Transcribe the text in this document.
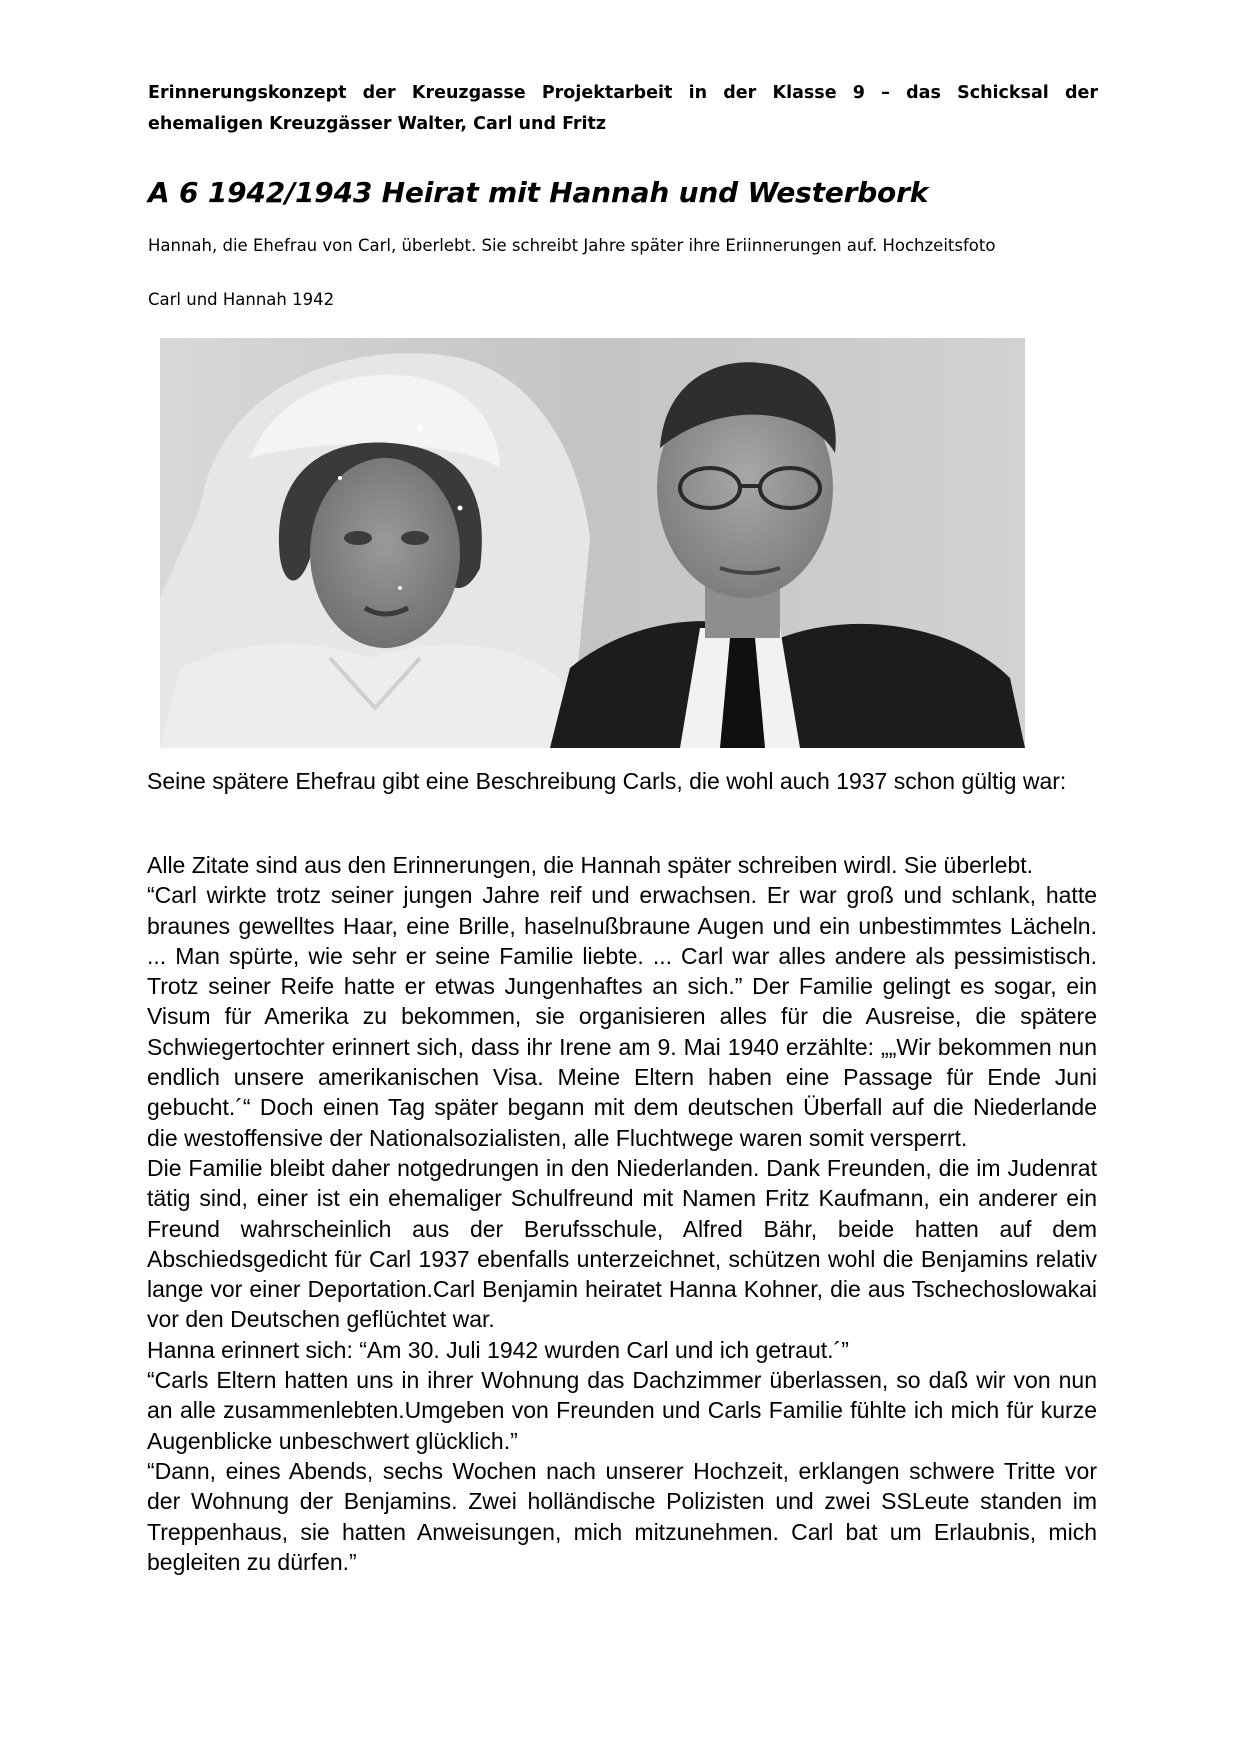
Erinnerungskonzept der Kreuzgasse Projektarbeit in der Klasse 9 – das Schicksal der ehemaligen Kreuzgässer Walter, Carl und Fritz
A 6 1942/1943 Heirat mit Hannah und Westerbork
Hannah, die Ehefrau von Carl, überlebt. Sie schreibt Jahre später ihre Eriinnerungen auf. Hochzeitsfoto
Carl und Hannah 1942
Seine spätere Ehefrau gibt eine Beschreibung Carls, die wohl auch 1937 schon gültig war:

Alle Zitate sind aus den Erinnerungen, die Hannah später schreiben wirdl. Sie überlebt.

“Carl wirkte trotz seiner jungen Jahre reif und erwachsen. Er war groß und schlank, hatte braunes gewelltes Haar, eine Brille, haselnußbraune Augen und ein unbestimmtes Lächeln. ... Man spürte, wie sehr er seine Familie liebte. ... Carl war alles andere als pessimistisch. Trotz seiner Reife hatte er etwas Jungenhaftes an sich.” Der Familie gelingt es sogar, ein Visum für Amerika zu bekommen, sie organisieren alles für die Ausreise, die spätere Schwiegertochter erinnert sich, dass ihr Irene am 9. Mai 1940 erzählte: „„Wir bekommen nun endlich unsere amerikanischen Visa. Meine Eltern haben eine Passage für Ende Juni gebucht.´“ Doch einen Tag später begann mit dem deutschen Überfall auf die Niederlande die westoffensive der Nationalsozialisten, alle Fluchtwege waren somit versperrt.

Die Familie bleibt daher notgedrungen in den Niederlanden. Dank Freunden, die im Judenrat tätig sind, einer ist ein ehemaliger Schulfreund mit Namen Fritz Kaufmann, ein anderer ein Freund wahrscheinlich aus der Berufsschule, Alfred Bähr, beide hatten auf dem Abschiedsgedicht für Carl 1937 ebenfalls unterzeichnet, schützen wohl die Benjamins relativ lange vor einer Deportation.Carl Benjamin heiratet Hanna Kohner, die aus Tschechoslowakai vor den Deutschen geflüchtet war.

Hanna erinnert sich: “Am 30. Juli 1942 wurden Carl und ich getraut.´”

“Carls Eltern hatten uns in ihrer Wohnung das Dachzimmer überlassen, so daß wir von nun an alle zusammenlebten.Umgeben von Freunden und Carls Familie fühlte ich mich für kurze Augenblicke unbeschwert glücklich.”

“Dann, eines Abends, sechs Wochen nach unserer Hochzeit, erklangen schwere Tritte vor der Wohnung der Benjamins. Zwei holländische Polizisten und zwei SSLeute standen im Treppenhaus, sie hatten Anweisungen, mich mitzunehmen. Carl bat um Erlaubnis, mich begleiten zu dürfen.”
